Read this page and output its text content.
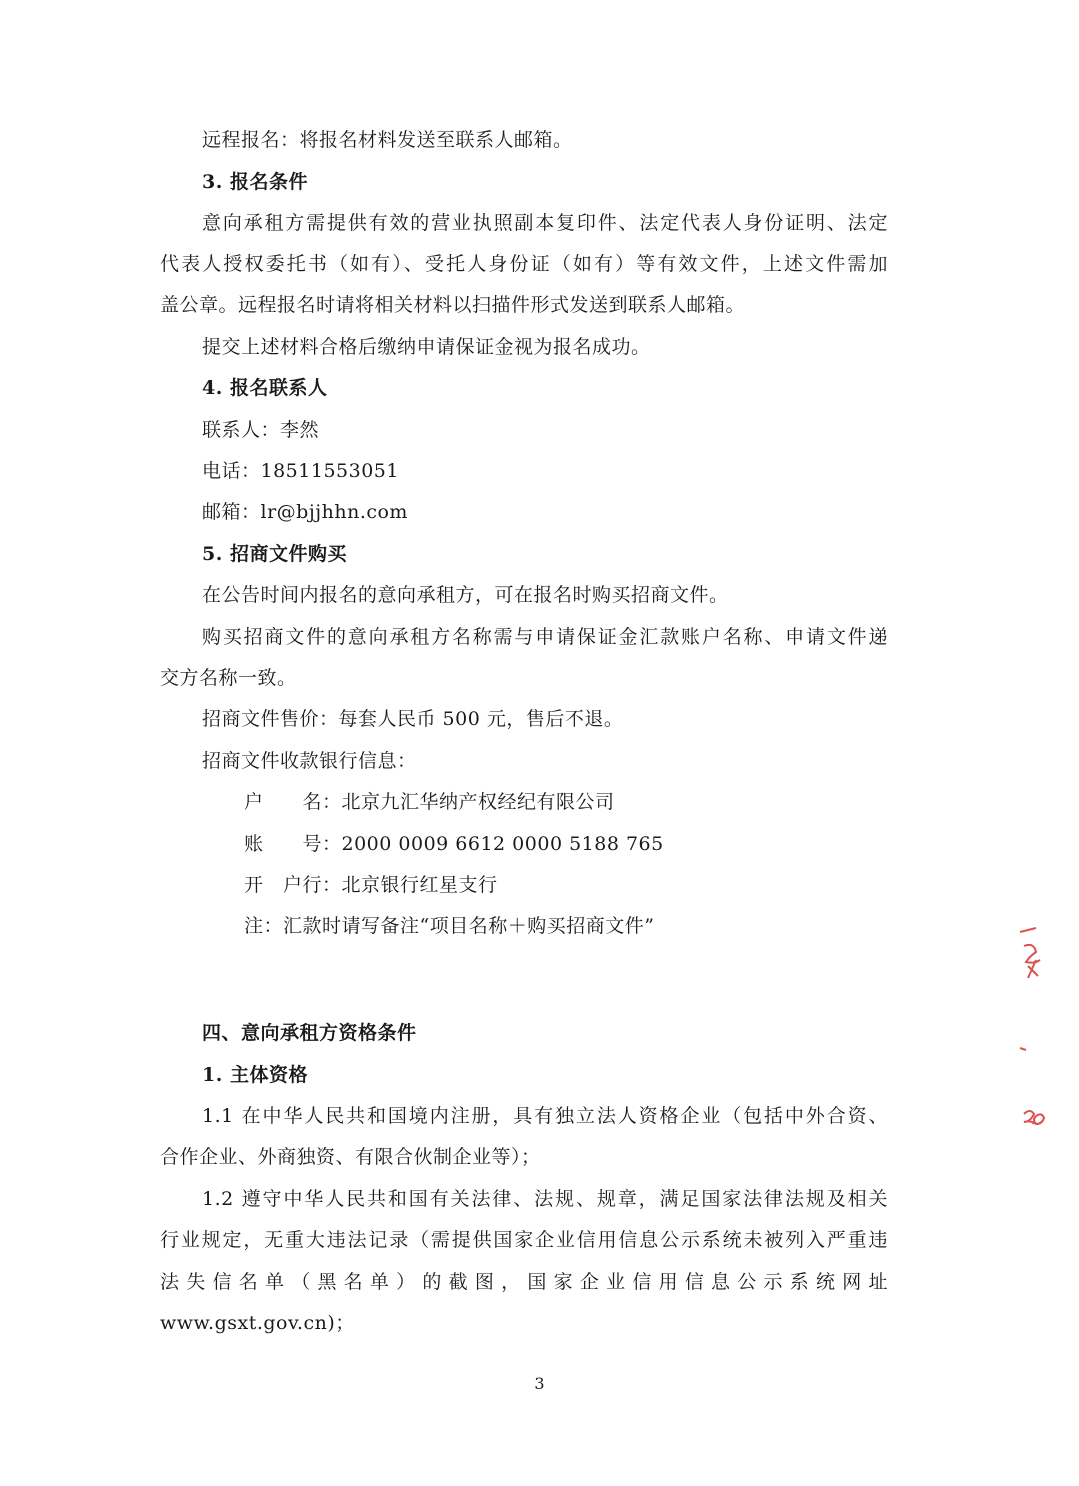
远程报名：将报名材料发送至联系人邮箱。
3. 报名条件
意向承租方需提供有效的营业执照副本复印件、法定代表人身份证明、法定
代表人授权委托书（如有）、受托人身份证（如有）等有效文件，上述文件需加
盖公章。远程报名时请将相关材料以扫描件形式发送到联系人邮箱。
提交上述材料合格后缴纳申请保证金视为报名成功。
4. 报名联系人
联系人：李然
电话：18511553051
邮箱：lr@bjjhhn.com
5. 招商文件购买
在公告时间内报名的意向承租方，可在报名时购买招商文件。
购买招商文件的意向承租方名称需与申请保证金汇款账户名称、申请文件递
交方名称一致。
招商文件售价：每套人民币 500 元，售后不退。
招商文件收款银行信息：
户　　名：北京九汇华纳产权经纪有限公司
账　　号：2000 0009 6612 0000 5188 765
开　户行：北京银行红星支行
注：汇款时请写备注“项目名称＋购买招商文件”
四、意向承租方资格条件
1. 主体资格
1.1 在中华人民共和国境内注册，具有独立法人资格企业（包括中外合资、
合作企业、外商独资、有限合伙制企业等）；
1.2 遵守中华人民共和国有关法律、法规、规章，满足国家法律法规及相关
行业规定，无重大违法记录（需提供国家企业信用信息公示系统未被列入严重违
法失信名单（黑名单）的截图，国家企业信用信息公示系统网址
www.gsxt.gov.cn)；
3
